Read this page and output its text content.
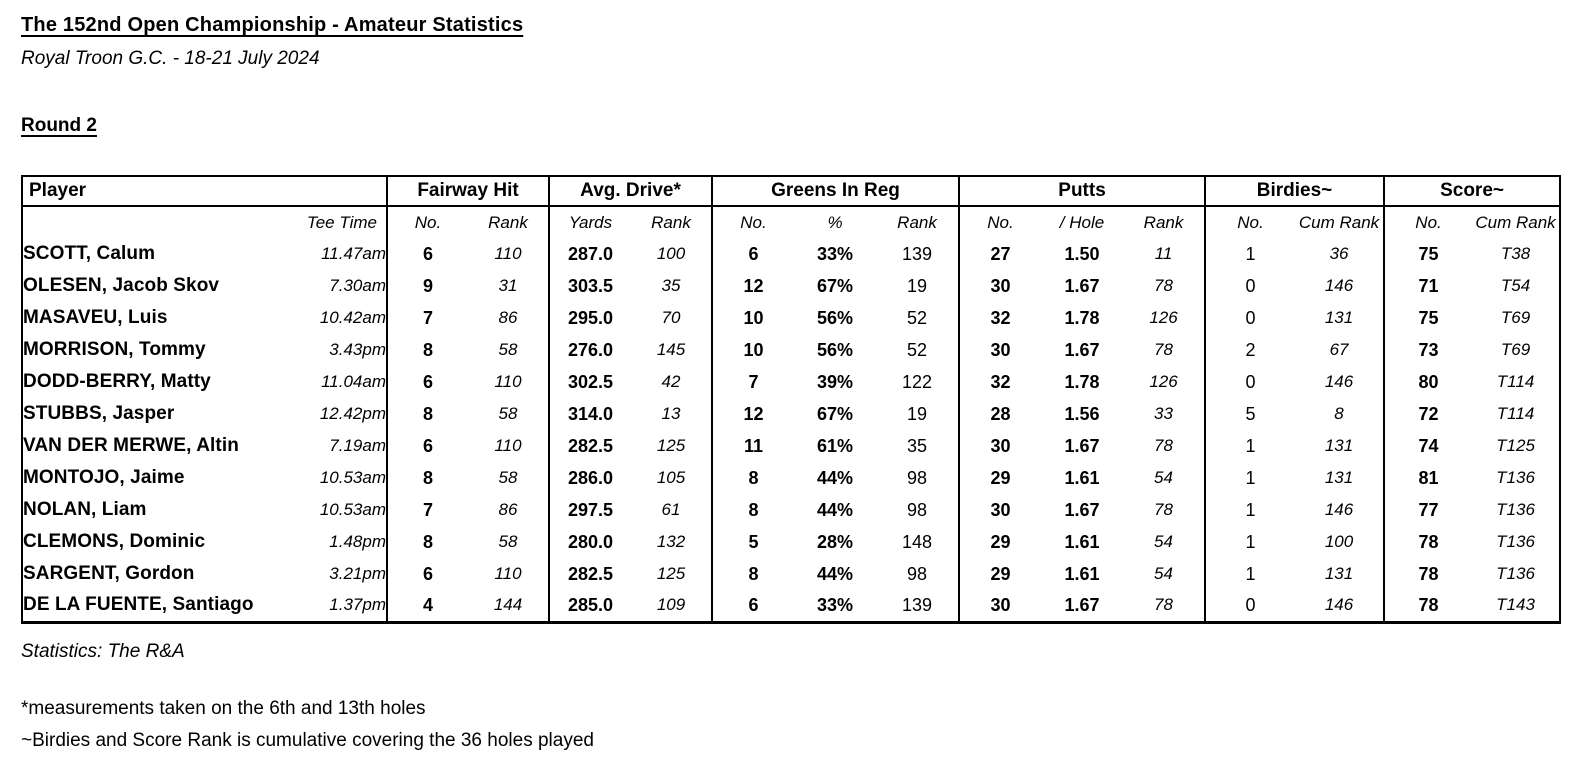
The 152nd Open Championship - Amateur Statistics
Royal Troon G.C. - 18-21 July 2024
Round 2
Player	Fairway Hit		Avg. Drive*		Greens In Reg			Putts			Birdies~		Score~	
Tee Time	No.	Rank	Yards	Rank	No.	%	Rank	No.	/ Hole	Rank	No.	Cum Rank	No.	Cum Rank

SCOTT, Calum 11.47am	6	110	287.0	100	6	33%	139	27	1.50	11	1	36	75	T38

OLESEN, Jacob Skov 7.30am	9	31	303.5	35	12	67%	19	30	1.67	78	0	146	71	T54

MASAVEU, Luis 10.42am	7	86	295.0	70	10	56%	52	32	1.78	126	0	131	75	T69

MORRISON, Tommy 3.43pm	8	58	276.0	145	10	56%	52	30	1.67	78	2	67	73	T69

DODD-BERRY, Matty 11.04am	6	110	302.5	42	7	39%	122	32	1.78	126	0	146	80	T114

STUBBS, Jasper 12.42pm	8	58	314.0	13	12	67%	19	28	1.56	33	5	8	72	T114

VAN DER MERWE, Altin 7.19am	6	110	282.5	125	11	61%	35	30	1.67	78	1	131	74	T125

MONTOJO, Jaime 10.53am	8	58	286.0	105	8	44%	98	29	1.61	54	1	131	81	T136

NOLAN, Liam 10.53am	7	86	297.5	61	8	44%	98	30	1.67	78	1	146	77	T136

CLEMONS, Dominic 1.48pm	8	58	280.0	132	5	28%	148	29	1.61	54	1	100	78	T136

SARGENT, Gordon 3.21pm	6	110	282.5	125	8	44%	98	29	1.61	54	1	131	78	T136

DE LA FUENTE, Santiago 1.37pm	4	144	285.0	109	6	33%	139	30	1.67	78	0	146	78	T143
Statistics: The R&A
*measurements taken on the 6th and 13th holes
~Birdies and Score Rank is cumulative covering the 36 holes played
